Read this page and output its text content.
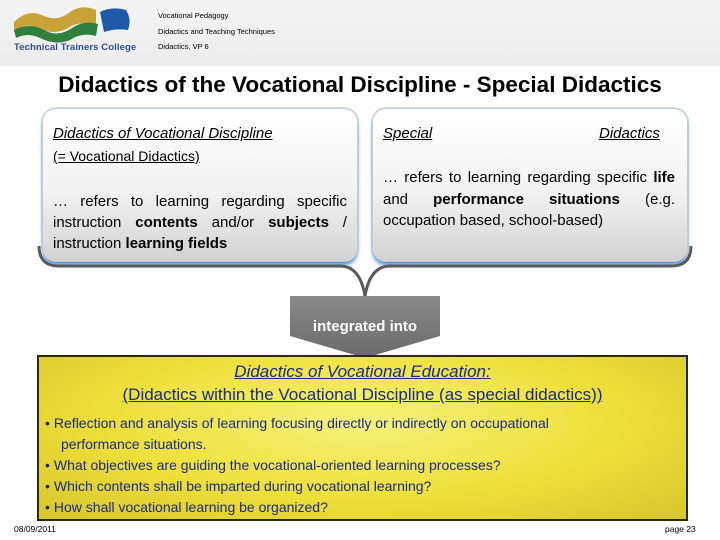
Technical Trainers College
Vocational Pedagogy
Didactics and Teaching Techniques
Didactics, VP 6
Didactics of the Vocational Discipline - Special Didactics
Didactics of Vocational Discipline
(= Vocational Didactics)
… refers to learning regarding specific instruction contents and/or subjects / instruction learning fields
Special	Didactics
… refers to learning regarding specific life and performance situations (e.g. occupation based, school-based)
integrated into
Didactics of Vocational Education:
(Didactics within the Vocational Discipline (as special didactics))
• Reflection and analysis of learning focusing directly or indirectly on occupational
performance situations.
• What objectives are guiding the vocational-oriented learning processes?
• Which contents shall be imparted during vocational learning?
• How shall vocational learning be organized?
08/09/2011	page 23
